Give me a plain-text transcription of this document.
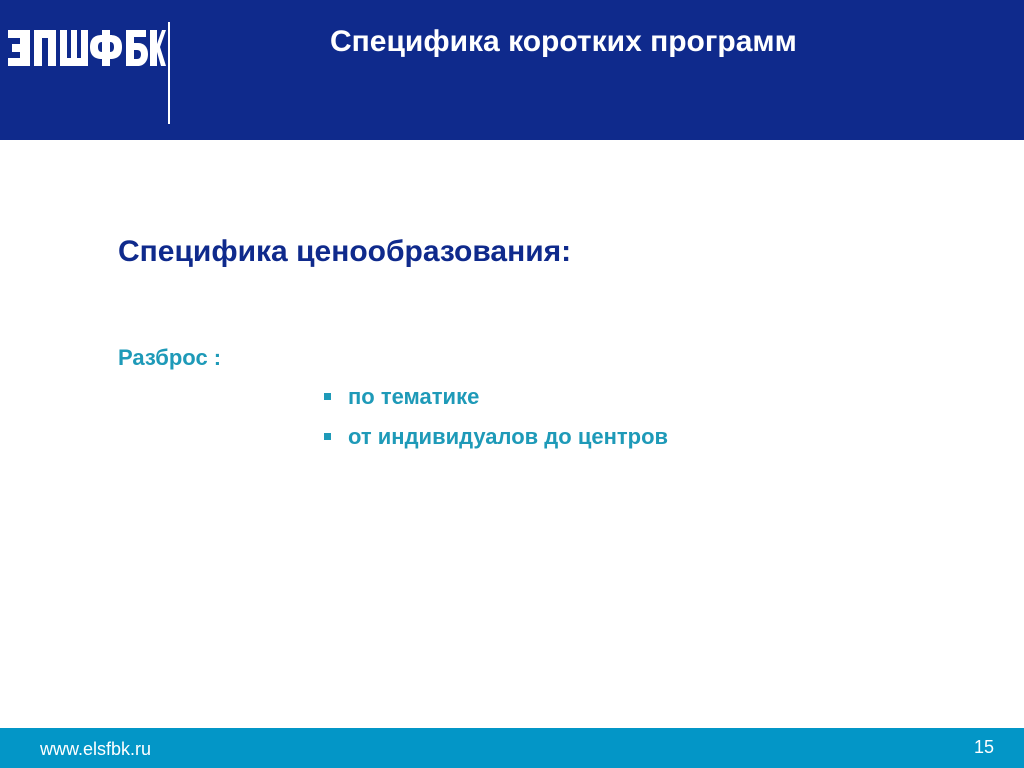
Специфика коротких программ
Специфика ценообразования:
Разброс :
по тематике
от индивидуалов до центров
www.elsfbk.ru	15
